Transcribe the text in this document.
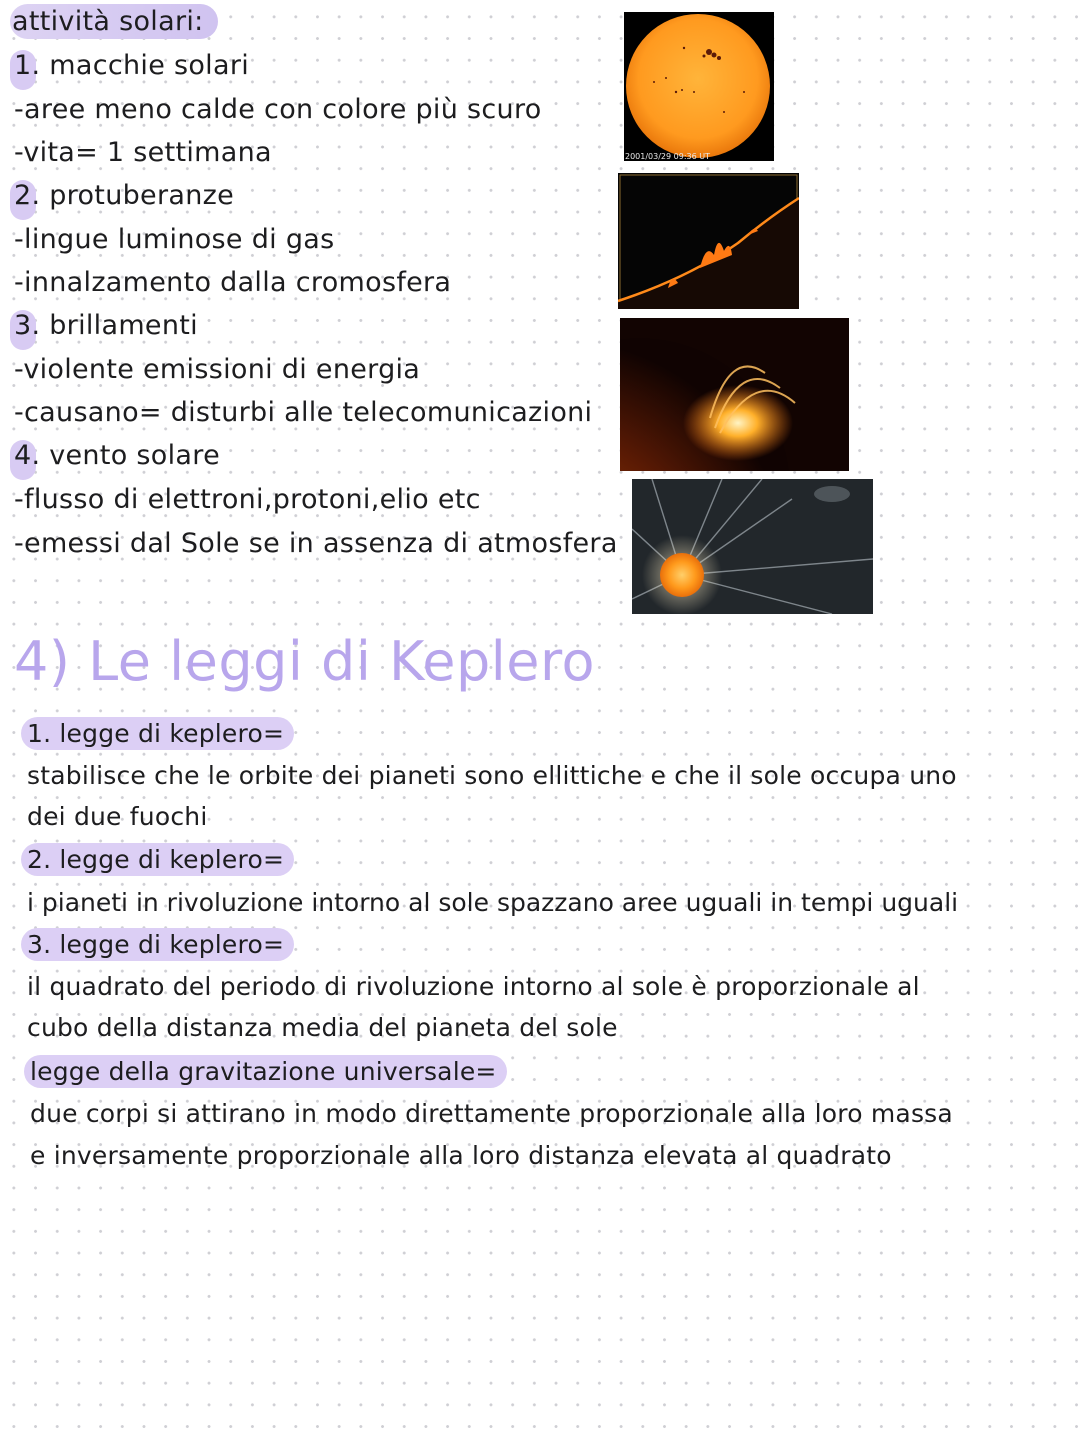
attività solari:
1. macchie solari
-aree meno calde con colore più scuro
-vita= 1 settimana
2. protuberanze
-lingue luminose di gas
-innalzamento dalla cromosfera
3. brillamenti
-violente emissioni di energia
-causano= disturbi alle telecomunicazioni
4. vento solare
-flusso di elettroni,protoni,elio etc
-emessi dal Sole se in assenza di atmosfera
2001/03/29 09:36 UT
4) Le leggi di Keplero
1. legge di keplero=
stabilisce che le orbite dei pianeti sono ellittiche e che il sole occupa uno
dei due fuochi
2. legge di keplero=
i pianeti in rivoluzione intorno al sole spazzano aree uguali in tempi uguali
3. legge di keplero=
il quadrato del periodo di rivoluzione intorno al sole è proporzionale al
cubo della distanza media del pianeta del sole
legge della gravitazione universale=
due corpi si attirano in modo direttamente proporzionale alla loro massa
e inversamente proporzionale alla loro distanza elevata al quadrato
